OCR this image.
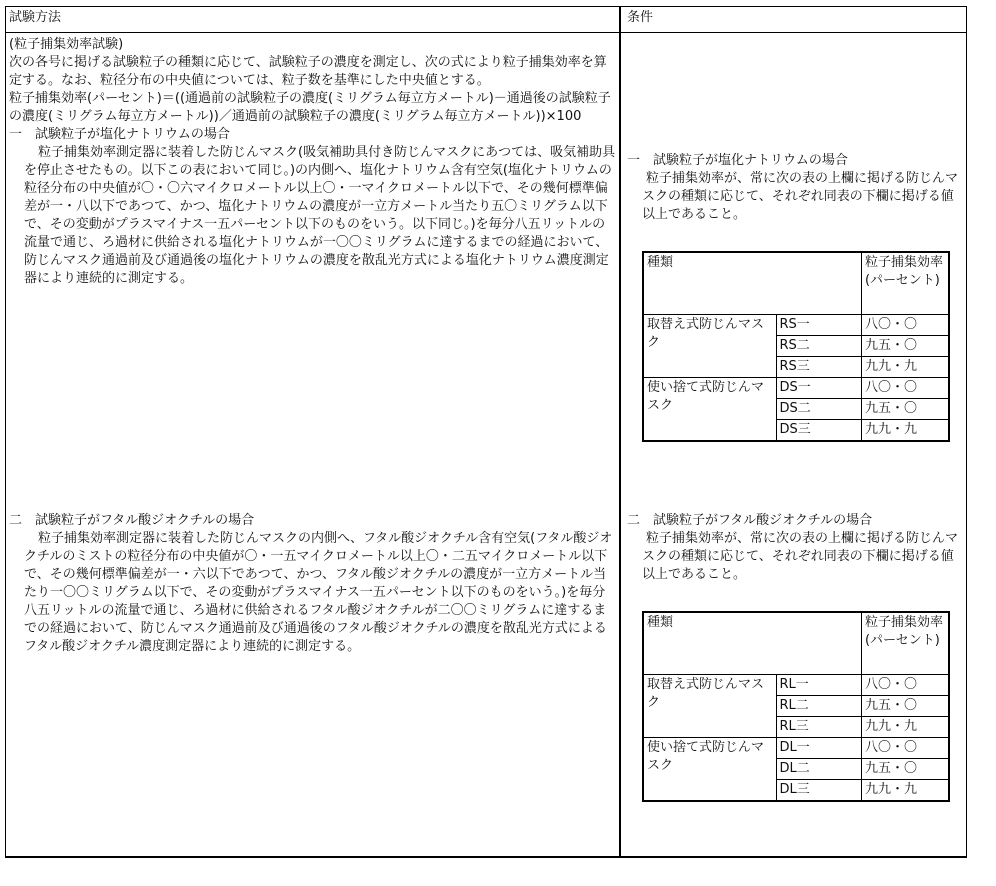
試験方法	条件

(粒子捕集効率試験)

次の各号に掲げる試験粒子の種類に応じて、試験粒子の濃度を測定し、次の式により粒子捕集効率を算定する。なお、粒径分布の中央値については、粒子数を基準にした中央値とする。

粒子捕集効率(パーセント)＝((通過前の試験粒子の濃度(ミリグラム毎立方メートル)－通過後の試験粒子の濃度(ミリグラム毎立方メートル))／通過前の試験粒子の濃度(ミリグラム毎立方メートル))×100

一　試験粒子が塩化ナトリウムの場合

粒子捕集効率測定器に装着した防じんマスク(吸気補助具付き防じんマスクにあつては、吸気補助具を停止させたもの。以下この表において同じ。)の内側へ、塩化ナトリウム含有空気(塩化ナトリウムの粒径分布の中央値が〇・〇六マイクロメートル以上〇・一マイクロメートル以下で、その幾何標準偏差が一・八以下であつて、かつ、塩化ナトリウムの濃度が一立方メートル当たり五〇ミリグラム以下で、その変動がプラスマイナス一五パーセント以下のものをいう。以下同じ。)を毎分八五リットルの流量で通じ、ろ過材に供給される塩化ナトリウムが一〇〇ミリグラムに達するまでの経過において、防じんマスク通過前及び通過後の塩化ナトリウムの濃度を散乱光方式による塩化ナトリウム濃度測定器により連続的に測定する。

二　試験粒子がフタル酸ジオクチルの場合

粒子捕集効率測定器に装着した防じんマスクの内側へ、フタル酸ジオクチル含有空気(フタル酸ジオクチルのミストの粒径分布の中央値が〇・一五マイクロメートル以上〇・二五マイクロメートル以下で、その幾何標準偏差が一・六以下であつて、かつ、フタル酸ジオクチルの濃度が一立方メートル当たり一〇〇ミリグラム以下で、その変動がプラスマイナス一五パーセント以下のものをいう。)を毎分八五リットルの流量で通じ、ろ過材に供給されるフタル酸ジオクチルが二〇〇ミリグラムに達するまでの経過において、防じんマスク通過前及び通過後のフタル酸ジオクチルの濃度を散乱光方式によるフタル酸ジオクチル濃度測定器により連続的に測定する。

一　試験粒子が塩化ナトリウムの場合

粒子捕集効率が、常に次の表の上欄に掲げる防じんマスクの種類に応じて、それぞれ同表の下欄に掲げる値以上であること。

種類		粒子捕集効率(パーセント)
取替え式防じんマスク	RS一	八〇・〇
	RS二	九五・〇
	RS三	九九・九
使い捨て式防じんマスク	DS一	八〇・〇
	DS二	九五・〇
	DS三	九九・九

二　試験粒子がフタル酸ジオクチルの場合

粒子捕集効率が、常に次の表の上欄に掲げる防じんマスクの種類に応じて、それぞれ同表の下欄に掲げる値以上であること。

種類		粒子捕集効率(パーセント)
取替え式防じんマスク	RL一	八〇・〇
	RL二	九五・〇
	RL三	九九・九
使い捨て式防じんマスク	DL一	八〇・〇
	DL二	九五・〇
	DL三	九九・九
